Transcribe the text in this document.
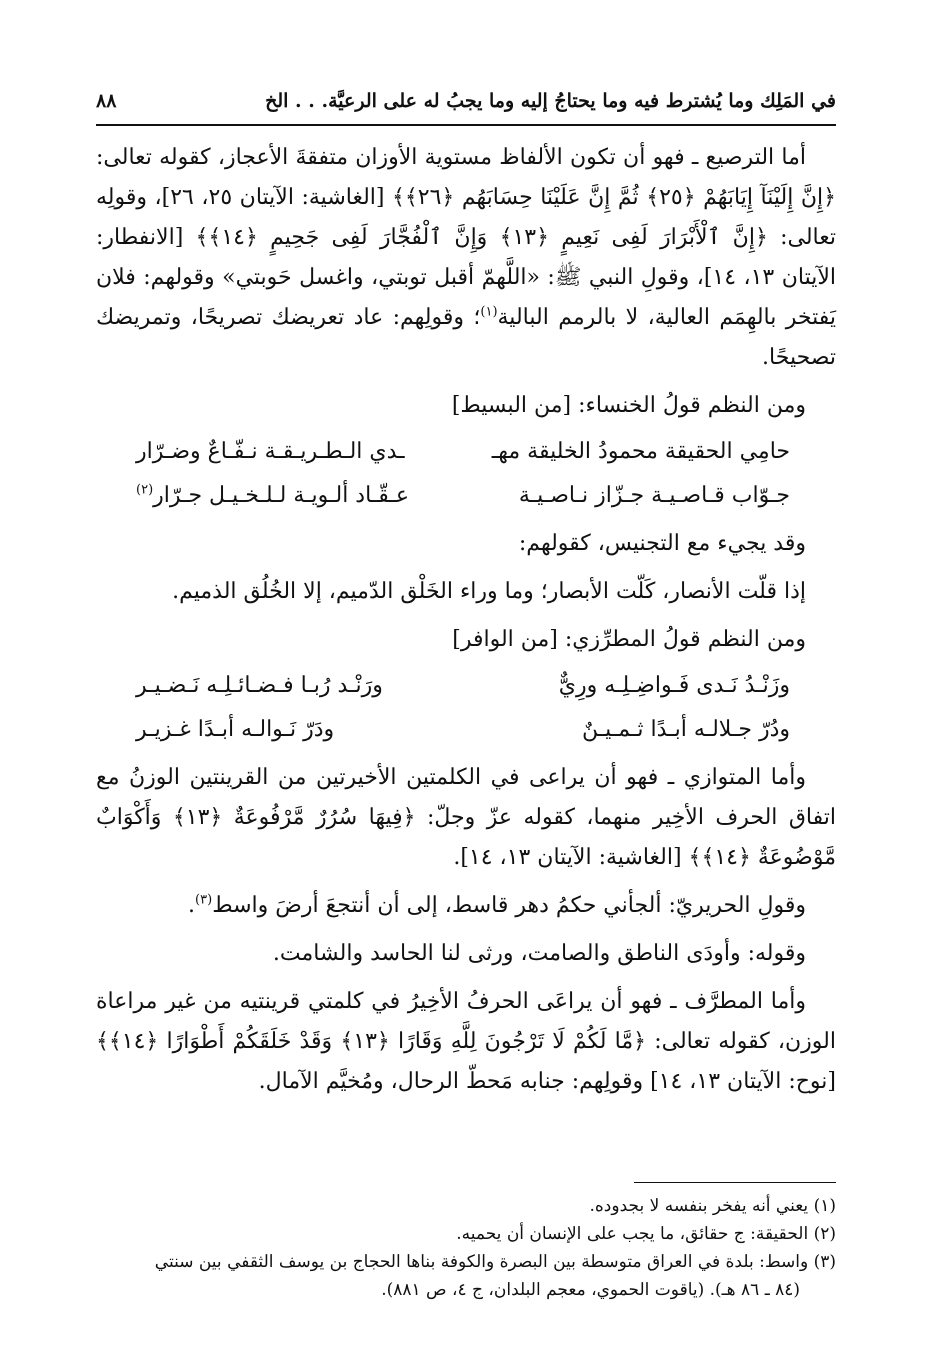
في المَلِك وما يُشترط فيه وما يحتاجُ إليه وما يجبُ له على الرعيَّة. . . الخ
٨٨

أما الترصيع ـ فهو أن تكون الألفاظ مستوية الأوزان متفقةَ الأعجاز، كقوله تعالى: ﴿إِنَّ إِلَيْنَآ إِيَابَهُمْ ﴿٢٥﴾ ثُمَّ إِنَّ عَلَيْنَا حِسَابَهُم ﴿٢٦﴾﴾ [الغاشية: الآيتان ٢٥، ٢٦]، وقولِه تعالى: ﴿إِنَّ ٱلْأَبْرَارَ لَفِى نَعِيمٍ ﴿١٣﴾ وَإِنَّ ٱلْفُجَّارَ لَفِى جَحِيمٍ ﴿١٤﴾﴾ [الانفطار: الآيتان ١٣، ١٤]، وقولِ النبي ﷺ: «اللَّهمّ أقبل توبتي، واغسل حَوبتي» وقولهم: فلان يَفتخر بالهِمَم العالية، لا بالرمم البالية$^{(١)}$؛ وقولِهم: عاد تعريضك تصريحًا، وتمريضك تصحيحًا.

ومن النظم قولُ الخنساء: [من البسيط]

حامِي الحقيقة محمودُ الخليقة مهـ
ـدي الـطـريـقـة نـفّـاعٌ وضـرّار
جـوّاب قـاصـيـة جـزّاز نـاصـيـة
عـقّـاد ألـويـة لـلـخـيـل جـرّار$^{(٢)}$

وقد يجيء مع التجنيس، كقولهم:

إذا قلّت الأنصار، كَلّت الأبصار؛ وما وراء الخَلْق الدّميم، إلا الخُلُق الذميم.

ومن النظم قولُ المطرِّزي: [من الوافر]

وزَنْـدُ نَـدى فَـواضِـلِـه ورِيٌّ
ورَنْـد رُبـا فـضـائـلِـه نَـضـيـر
ودُرّ جـلالـه أبـدًا ثـمـيـنٌ
ودَرّ نَـوالـه أبـدًا غـزيـر

وأما المتوازي ـ فهو أن يراعى في الكلمتين الأخيرتين من القرينتين الوزنُ مع اتفاق الحرف الأخِير منهما، كقوله عزّ وجلّ: ﴿فِيهَا سُرُرٌ مَّرْفُوعَةٌ ﴿١٣﴾ وَأَكْوَابٌ مَّوْضُوعَةٌ ﴿١٤﴾﴾ [الغاشية: الآيتان ١٣، ١٤].

وقولِ الحريريّ: ألجأني حكمُ دهر قاسط، إلى أن أنتجعَ أرضَ واسط$^{(٣)}$.

وقوله: وأودَى الناطق والصامت، ورثى لنا الحاسد والشامت.

وأما المطرَّف ـ فهو أن يراعَى الحرفُ الأخِيرُ في كلمتي قرينتيه من غير مراعاة الوزن، كقوله تعالى: ﴿مَّا لَكُمْ لَا تَرْجُونَ لِلَّهِ وَقَارًا ﴿١٣﴾ وَقَدْ خَلَقَكُمْ أَطْوَارًا ﴿١٤﴾﴾ [نوح: الآيتان ١٣، ١٤] وقولِهم: جنابه مَحطّ الرحال، ومُخيَّم الآمال.

(١) يعني أنه يفخر بنفسه لا بجدوده.

(٢) الحقيقة: ج حقائق، ما يجب على الإنسان أن يحميه.

(٣) واسط: بلدة في العراق متوسطة بين البصرة والكوفة بناها الحجاج بن يوسف الثقفي بين سنتي

(٨٤ ـ ٨٦ هـ). (ياقوت الحموي، معجم البلدان، ج ٤، ص ٨٨١).
